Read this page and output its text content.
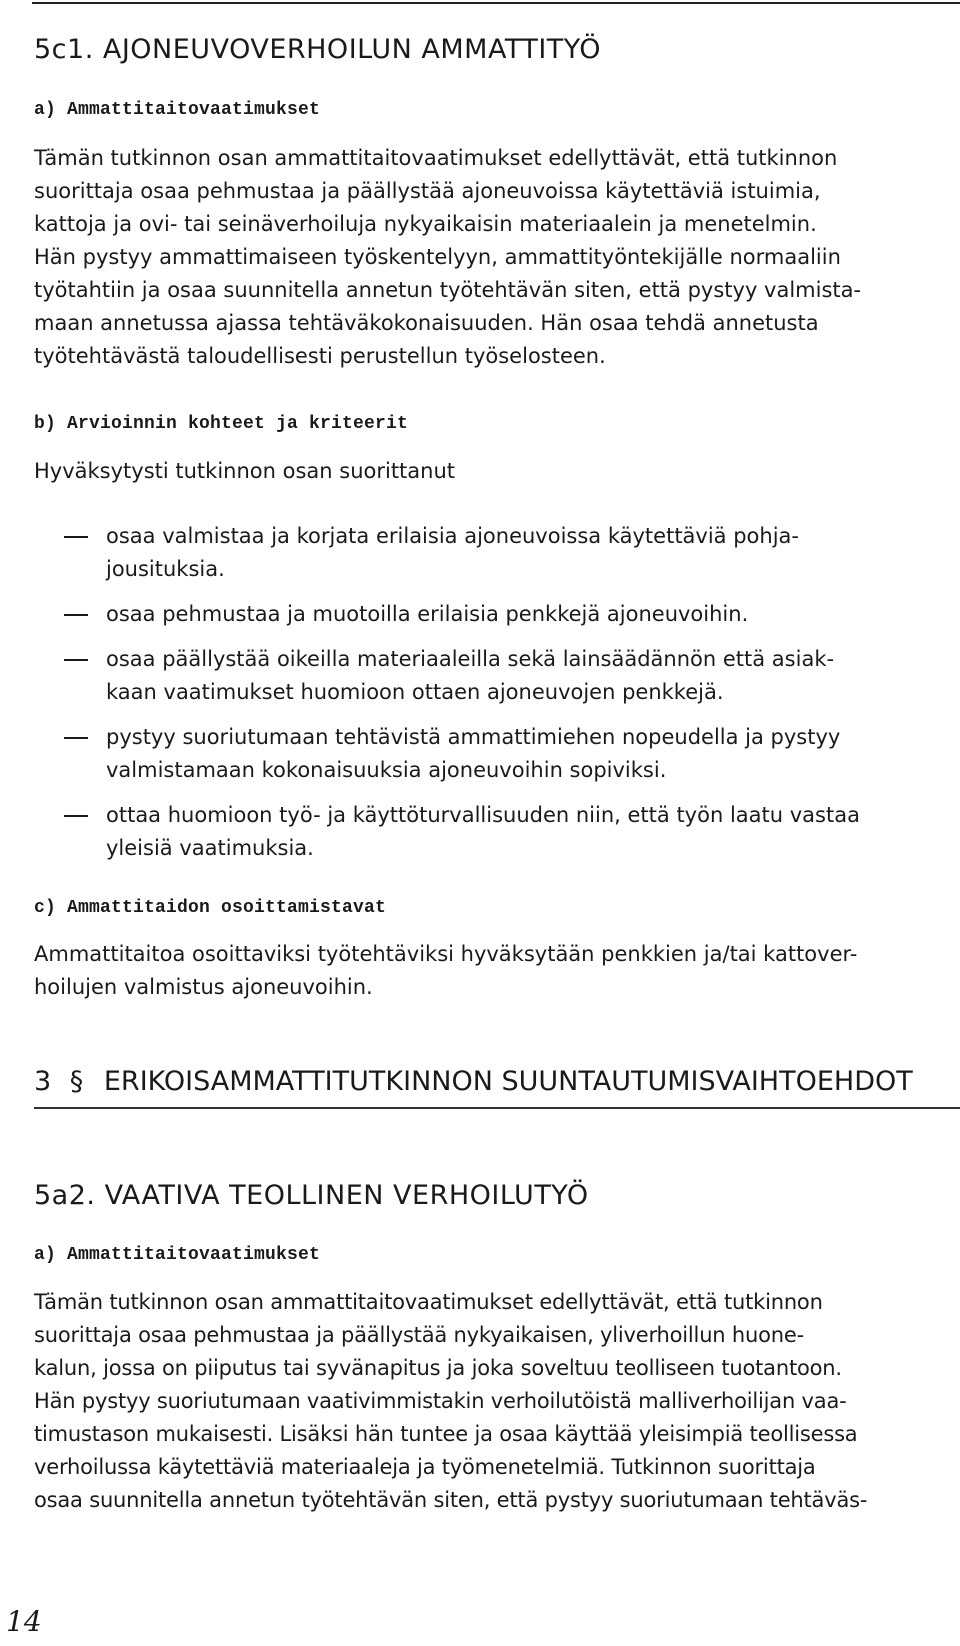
5c1. AJONEUVOVERHOILUN AMMATTITYÖ
a) Ammattitaitovaatimukset
Tämän tutkinnon osan ammattitaitovaatimukset edellyttävät, että tutkinnon
suorittaja osaa pehmustaa ja päällystää ajoneuvoissa käytettäviä istuimia,
kattoja ja ovi- tai seinäverhoiluja nykyaikaisin materiaalein ja menetelmin.
Hän pystyy ammattimaiseen työskentelyyn, ammattityöntekijälle normaaliin
työtahtiin ja osaa suunnitella annetun työtehtävän siten, että pystyy valmista-
maan annetussa ajassa tehtäväkokonaisuuden. Hän osaa tehdä annetusta
työtehtävästä taloudellisesti perustellun työselosteen.
b) Arvioinnin kohteet ja kriteerit
Hyväksytysti tutkinnon osan suorittanut
osaa valmistaa ja korjata erilaisia ajoneuvoissa käytettäviä pohja-
jousituksia.
osaa pehmustaa ja muotoilla erilaisia penkkejä ajoneuvoihin.
osaa päällystää oikeilla materiaaleilla sekä lainsäädännön että asiak-
kaan vaatimukset huomioon ottaen ajoneuvojen penkkejä.
pystyy suoriutumaan tehtävistä ammattimiehen nopeudella ja pystyy
valmistamaan kokonaisuuksia ajoneuvoihin sopiviksi.
ottaa huomioon työ- ja käyttöturvallisuuden niin, että työn laatu vastaa
yleisiä vaatimuksia.
c) Ammattitaidon osoittamistavat
Ammattitaitoa osoittaviksi työtehtäviksi hyväksytään penkkien ja/tai kattover-
hoilujen valmistus ajoneuvoihin.
3 § ERIKOISAMMATTITUTKINNON SUUNTAUTUMISVAIHTOEHDOT
5a2. VAATIVA TEOLLINEN VERHOILUTYÖ
a) Ammattitaitovaatimukset
Tämän tutkinnon osan ammattitaitovaatimukset edellyttävät, että tutkinnon
suorittaja osaa pehmustaa ja päällystää nykyaikaisen, yliverhoillun huone-
kalun, jossa on piiputus tai syvänapitus ja joka soveltuu teolliseen tuotantoon.
Hän pystyy suoriutumaan vaativimmistakin verhoilutöistä malliverhoilijan vaa-
timustason mukaisesti. Lisäksi hän tuntee ja osaa käyttää yleisimpiä teollisessa
verhoilussa käytettäviä materiaaleja ja työmenetelmiä. Tutkinnon suorittaja
osaa suunnitella annetun työtehtävän siten, että pystyy suoriutumaan tehtäväs-
14
